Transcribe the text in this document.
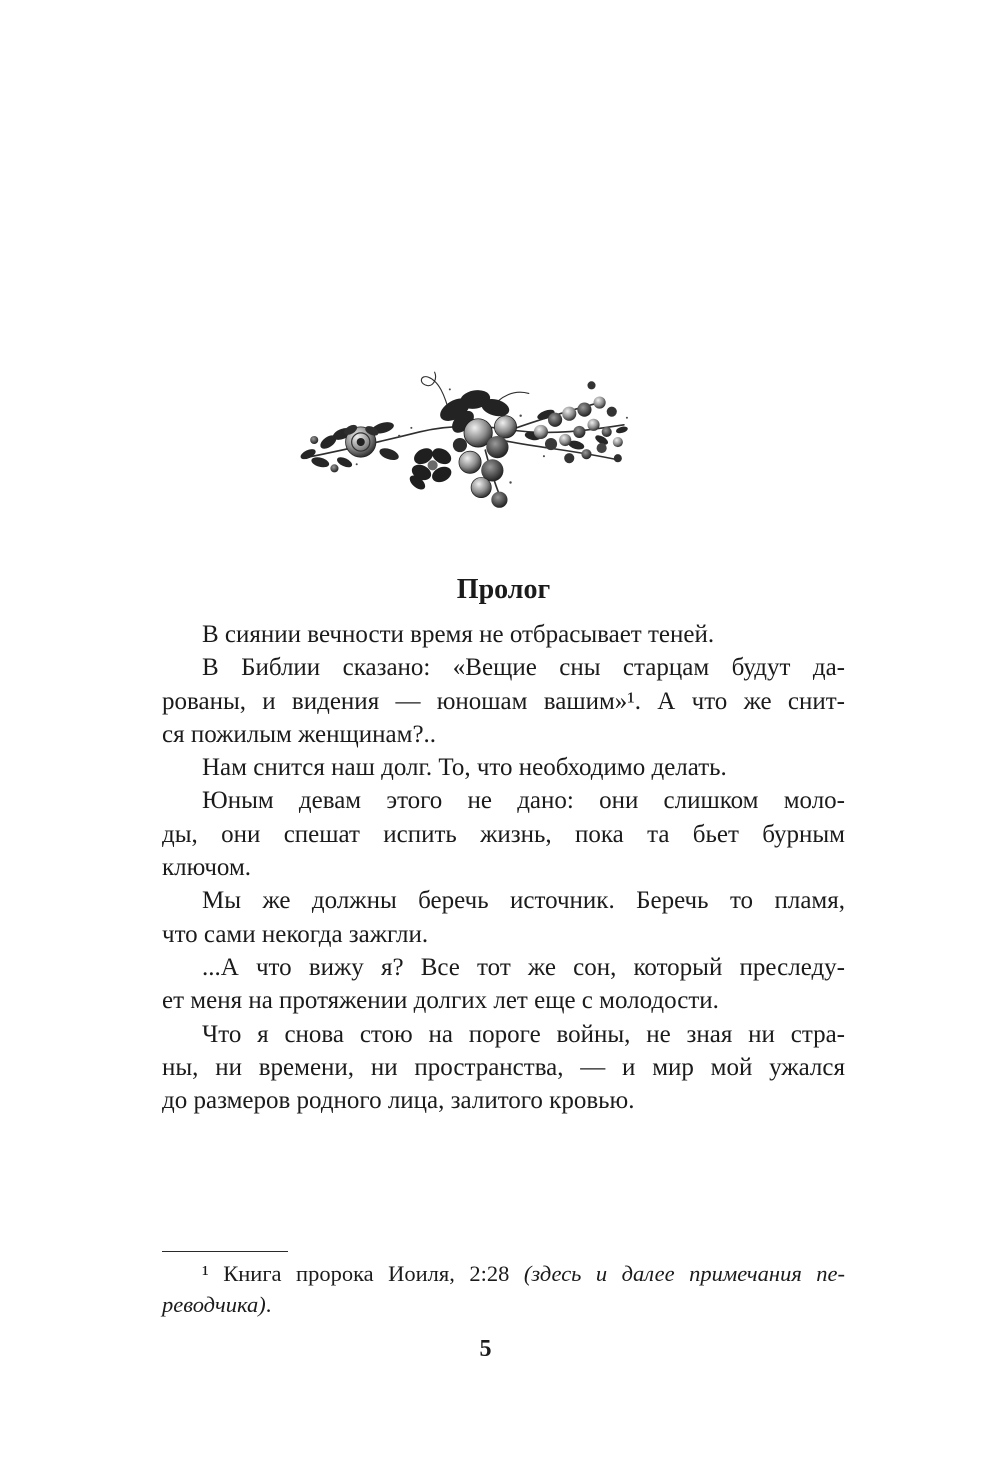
Пролог
В сиянии вечности время не отбрасывает теней.
В Библии сказано: «Вещие сны старцам будут да-
рованы, и видения — юношам вашим»¹. А что же снит-
ся пожилым женщинам?..
Нам снится наш долг. То, что необходимо делать.
Юным девам этого не дано: они слишком моло-
ды, они спешат испить жизнь, пока та бьет бурным
ключом.
Мы же должны беречь источник. Беречь то пламя,
что сами некогда зажгли.
...А что вижу я? Все тот же сон, который преследу-
ет меня на протяжении долгих лет еще с молодости.
Что я снова стою на пороге войны, не зная ни стра-
ны, ни времени, ни пространства, — и мир мой ужался
до размеров родного лица, залитого кровью.
¹ Книга пророка Иоиля, 2:28 (здесь и далее примечания пе-
реводчика).
5
